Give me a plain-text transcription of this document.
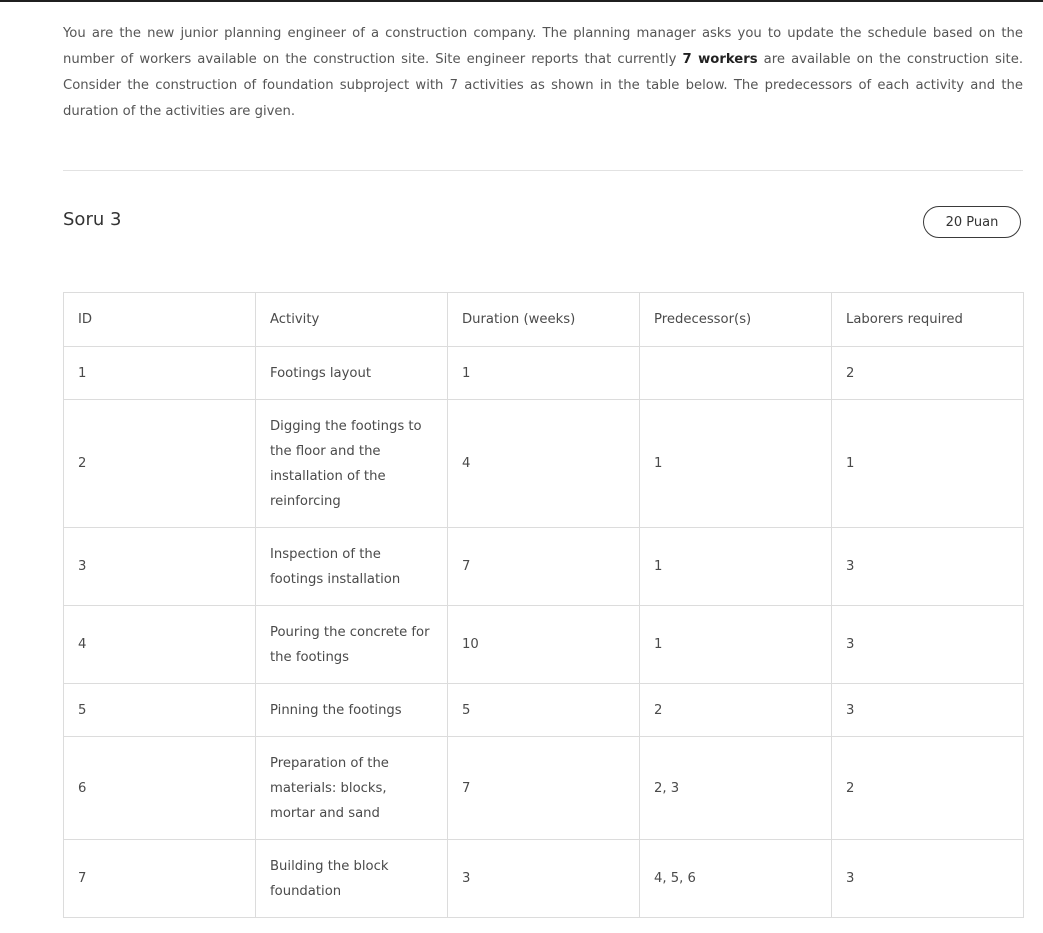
You are the new junior planning engineer of a construction company. The planning manager asks you to update the schedule based on the number of workers available on the construction site. Site engineer reports that currently 7 workers are available on the construction site. Consider the construction of foundation subproject with 7 activities as shown in the table below. The predecessors of each activity and the duration of the activities are given.

Soru 3	20 Puan
ID	Activity	Duration (weeks)	Predecessor(s)	Laborers required
1	Footings layout	1		2
2	Digging the footings to the floor and the installation of the reinforcing	4	1	1
3	Inspection of the footings installation	7	1	3
4	Pouring the concrete for the footings	10	1	3
5	Pinning the footings	5	2	3
6	Preparation of the materials: blocks, mortar and sand	7	2, 3	2
7	Building the block foundation	3	4, 5, 6	3
